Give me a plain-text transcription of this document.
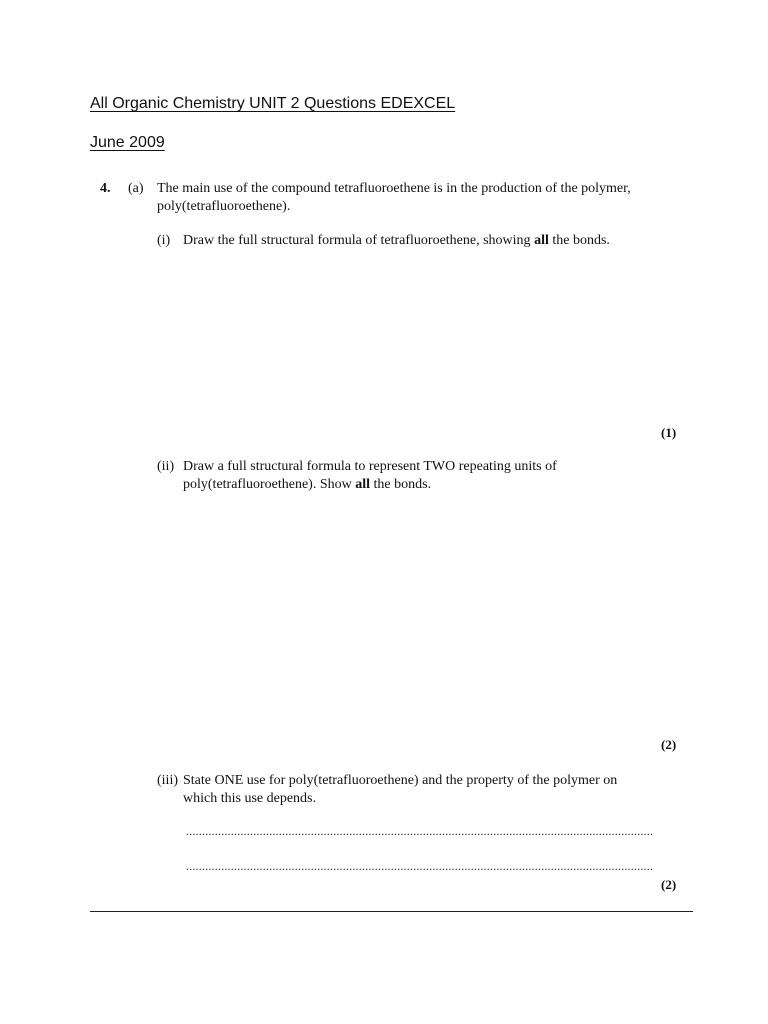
All Organic Chemistry UNIT 2 Questions EDEXCEL
June 2009
4. (a) The main use of the compound tetrafluoroethene is in the production of the polymer,
poly(tetrafluoroethene).
(i) Draw the full structural formula of tetrafluoroethene, showing all the bonds.
(1)
(ii) Draw a full structural formula to represent TWO repeating units of
poly(tetrafluoroethene). Show all the bonds.
(2)
(iii) State ONE use for poly(tetrafluoroethene) and the property of the polymer on
which this use depends.
..................................................................................................................................................
..................................................................................................................................................
(2)
